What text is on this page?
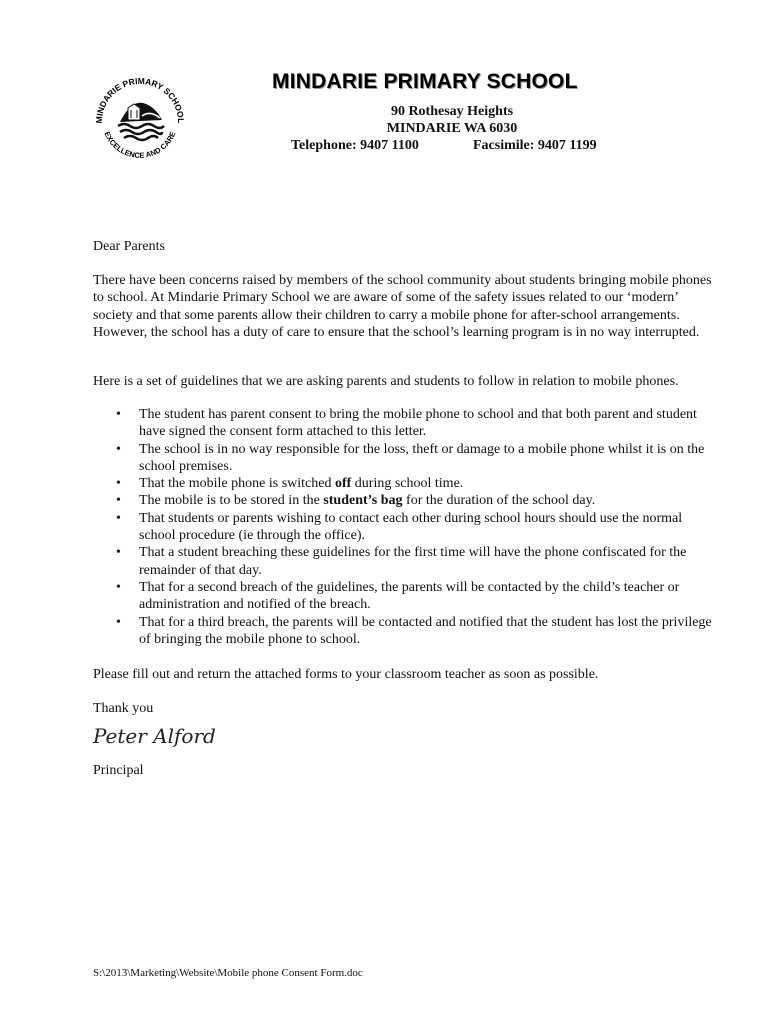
MINDARIE PRIMARY SCHOOL
EXCELLENCE AND CARE
MINDARIE PRIMARY SCHOOL
90 Rothesay Heights
MINDARIE WA 6030
Telephone: 9407 1100	Facsimile: 9407 1199
Dear Parents
There have been concerns raised by members of the school community about students bringing mobile phones to school. At Mindarie Primary School we are aware of some of the safety issues related to our ‘modern’ society and that some parents allow their children to carry a mobile phone for after-school arrangements. However, the school has a duty of care to ensure that the school’s learning program is in no way interrupted.
Here is a set of guidelines that we are asking parents and students to follow in relation to mobile phones.
• The student has parent consent to bring the mobile phone to school and that both parent and student have signed the consent form attached to this letter.
• The school is in no way responsible for the loss, theft or damage to a mobile phone whilst it is on the school premises.
• That the mobile phone is switched off during school time.
• The mobile is to be stored in the student’s bag for the duration of the school day.
• That students or parents wishing to contact each other during school hours should use the normal school procedure (ie through the office).
• That a student breaching these guidelines for the first time will have the phone confiscated for the remainder of that day.
• That for a second breach of the guidelines, the parents will be contacted by the child’s teacher or administration and notified of the breach.
• That for a third breach, the parents will be contacted and notified that the student has lost the privilege of bringing the mobile phone to school.
Please fill out and return the attached forms to your classroom teacher as soon as possible.
Thank you
Peter Alford
Principal
S:\2013\Marketing\Website\Mobile phone Consent Form.doc
